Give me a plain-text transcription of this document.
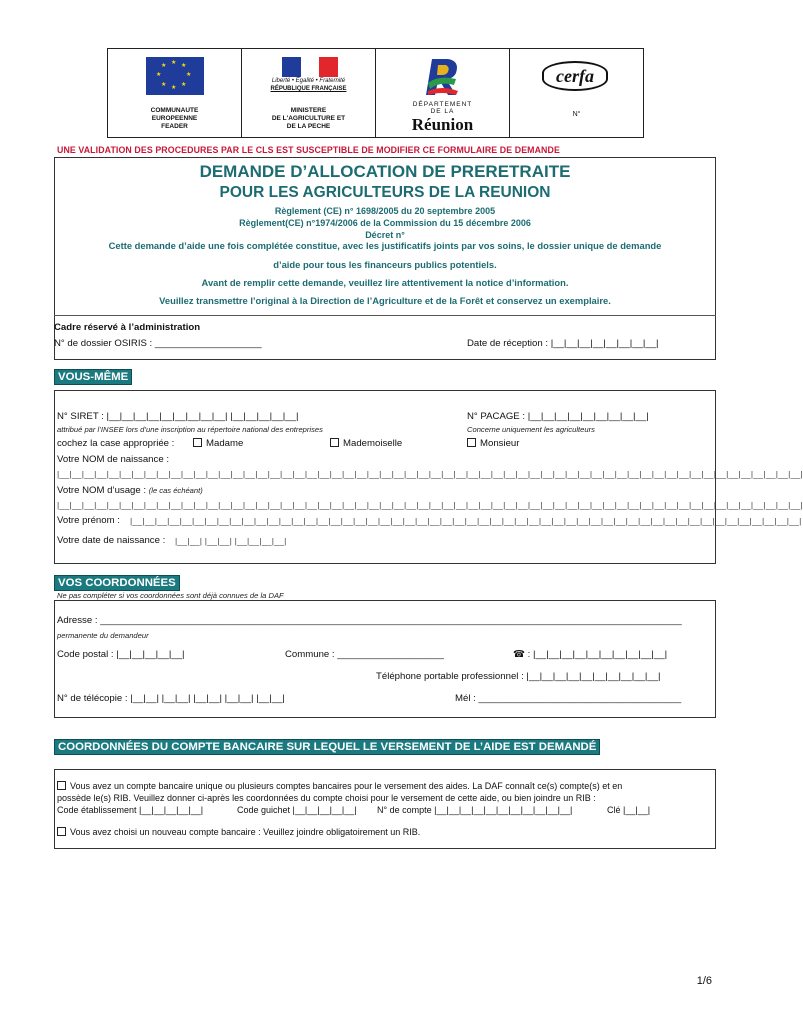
★ ★
★
★
★
★
★
★
COMMUNAUTE
EUROPEENNE
FEADER
Liberté • Égalité • Fraternité
RÉPUBLIQUE FRANÇAISE
MINISTERE
DE L'AGRICULTURE ET
DE LA PECHE
DÉPARTEMENT
DE LA
Réunion
cerfa
N°
UNE VALIDATION DES PROCEDURES PAR LE CLS EST SUSCEPTIBLE DE MODIFIER CE FORMULAIRE DE DEMANDE
DEMANDE D’ALLOCATION DE PRERETRAITE
POUR LES AGRICULTEURS DE LA REUNION
Règlement (CE) n° 1698/2005 du 20 septembre 2005
Règlement(CE) n°1974/2006 de la Commission du 15 décembre 2006
Décret n°
Cette demande d’aide une fois complétée constitue, avec les justificatifs joints par vos soins, le dossier unique de demande
d’aide pour tous les financeurs publics potentiels.
Avant de remplir cette demande, veuillez lire attentivement la notice d’information.
Veuillez transmettre l’original à la Direction de l’Agriculture et de la Forêt et conservez un exemplaire.
Cadre réservé à l’administration
N° de dossier OSIRIS : ____________________	Date de réception : |__|__|__|__|__|__|__|__|
VOUS-MÊME
N° SIRET : |__|__|__|__|__|__|__|__|__| |__|__|__|__|__|
attribué par l’INSEE lors d’une inscription au répertoire national des entreprises
N° PACAGE : |__|__|__|__|__|__|__|__|__|
Concerne uniquement les agriculteurs
cochez la case appropriée :	Madame	Mademoiselle	Monsieur
Votre NOM de naissance :
|__|__|__|__|__|__|__|__|__|__|__|__|__|__|__|__|__|__|__|__|__|__|__|__|__|__|__|__|__|__|__|__|__|__|__|__|__|__|__|__|__|__|__|__|__|__|__|__|__|__|__|__|__|__|__|__|__|__|__|__|
Votre NOM d’usage : (le cas échéant)
|__|__|__|__|__|__|__|__|__|__|__|__|__|__|__|__|__|__|__|__|__|__|__|__|__|__|__|__|__|__|__|__|__|__|__|__|__|__|__|__|__|__|__|__|__|__|__|__|__|__|__|__|__|__|__|__|__|__|__|__|
Votre prénom : |__|__|__|__|__|__|__|__|__|__|__|__|__|__|__|__|__|__|__|__|__|__|__|__|__|__|__|__|__|__|__|__|__|__|__|__|__|__|__|__|__|__|__|__|__|__|__|__|__|__|__|__|__|__|
Votre date de naissance : |__|__| |__|__| |__|__|__|__|
VOS COORDONNÉES
Ne pas compléter si vos coordonnées sont déjà connues de la DAF
Adresse : _____________________________________________________________________________________________________________
permanente du demandeur
Code postal : |__|__|__|__|__|	Commune : ____________________	☎ : |__|__|__|__|__|__|__|__|__|__|
Téléphone portable professionnel : |__|__|__|__|__|__|__|__|__|__|
N° de télécopie : |__|__| |__|__| |__|__| |__|__| |__|__|	Mél : ______________________________________
COORDONNÉES DU COMPTE BANCAIRE SUR LEQUEL LE VERSEMENT DE L’AIDE EST DEMANDÉ
Vous avez un compte bancaire unique ou plusieurs comptes bancaires pour le versement des aides. La DAF connaît ce(s) compte(s) et en
possède le(s) RIB. Veuillez donner ci-après les coordonnées du compte choisi pour le versement de cette aide, ou bien joindre un RIB :
Code établissement |__|__|__|__|__|	Code guichet |__|__|__|__|__| N° de compte |__|__|__|__|__|__|__|__|__|__|__|	Clé |__|__|
Vous avez choisi un nouveau compte bancaire : Veuillez joindre obligatoirement un RIB.
1/6
